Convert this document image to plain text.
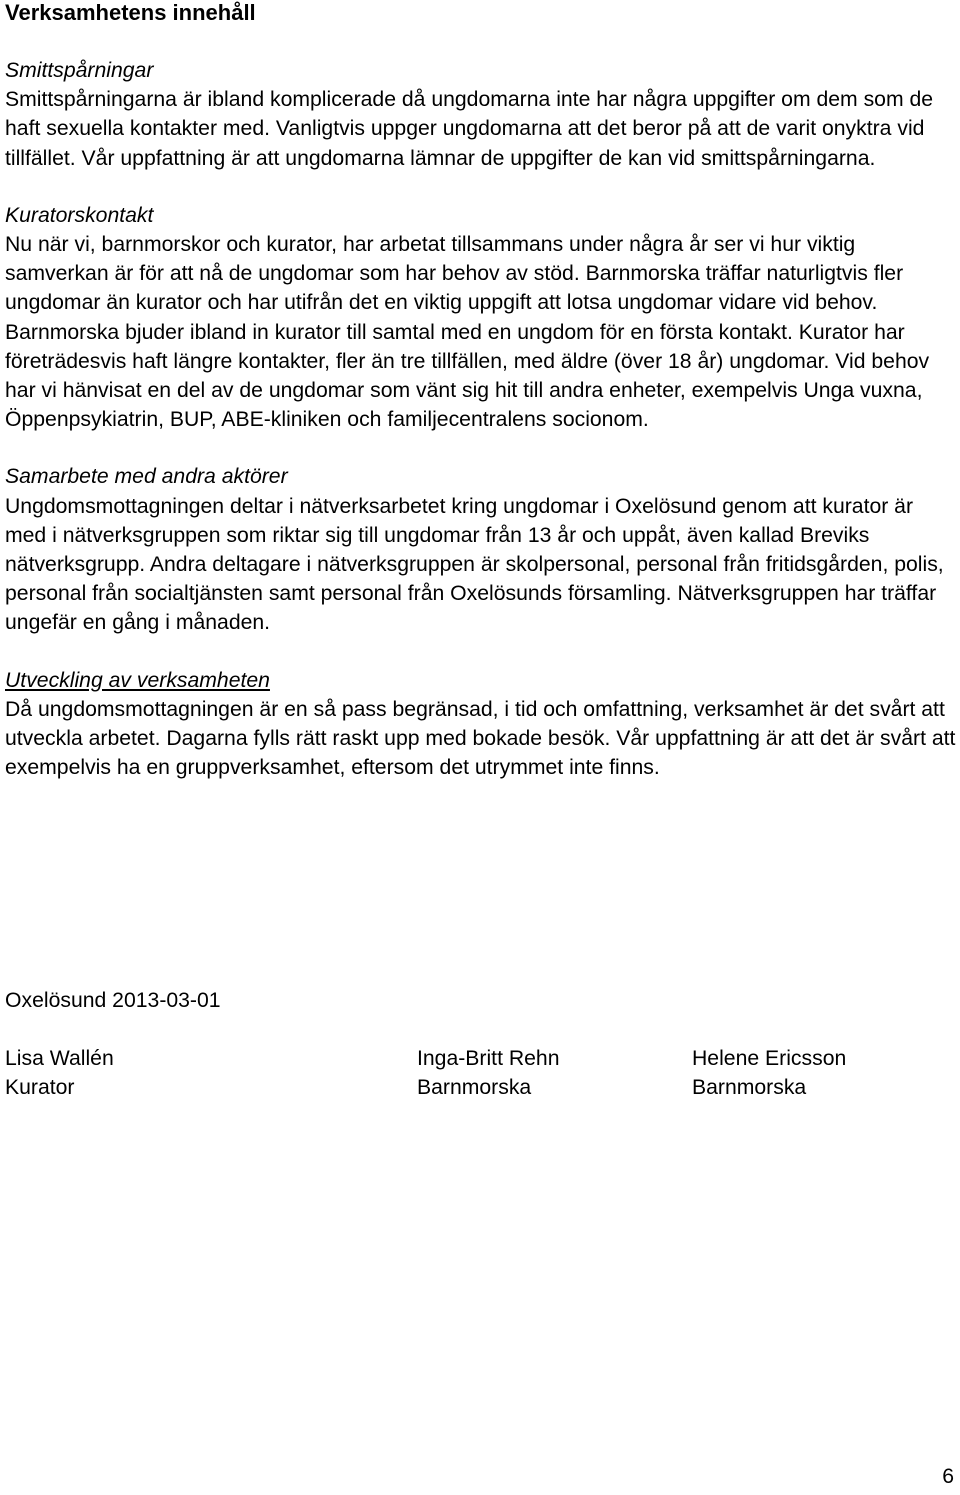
Verksamhetens innehåll

Smittspårningar

Smittspårningarna är ibland komplicerade då ungdomarna inte har några uppgifter om dem som de haft sexuella kontakter med. Vanligtvis uppger ungdomarna att det beror på att de varit onyktra vid tillfället. Vår uppfattning är att ungdomarna lämnar de uppgifter de kan vid smittspårningarna.

Kuratorskontakt

Nu när vi, barnmorskor och kurator, har arbetat tillsammans under några år ser vi hur viktig samverkan är för att nå de ungdomar som har behov av stöd. Barnmorska träffar naturligtvis fler ungdomar än kurator och har utifrån det en viktig uppgift att lotsa ungdomar vidare vid behov. Barnmorska bjuder ibland in kurator till samtal med en ungdom för en första kontakt. Kurator har företrädesvis haft längre kontakter, fler än tre tillfällen, med äldre (över 18 år) ungdomar. Vid behov har vi hänvisat en del av de ungdomar som vänt sig hit till andra enheter, exempelvis Unga vuxna, Öppenpsykiatrin, BUP, ABE-kliniken och familjecentralens socionom.

Samarbete med andra aktörer

Ungdomsmottagningen deltar i nätverksarbetet kring ungdomar i Oxelösund genom att kurator är med i nätverksgruppen som riktar sig till ungdomar från 13 år och uppåt, även kallad Breviks nätverksgrupp. Andra deltagare i nätverksgruppen är skolpersonal, personal från fritidsgården, polis, personal från socialtjänsten samt personal från Oxelösunds församling. Nätverksgruppen har träffar ungefär en gång i månaden.

Utveckling av verksamheten

Då ungdomsmottagningen är en så pass begränsad, i tid och omfattning, verksamhet är det svårt att utveckla arbetet. Dagarna fylls rätt raskt upp med bokade besök. Vår uppfattning är att det är svårt att exempelvis ha en gruppverksamhet, eftersom det utrymmet inte finns.

Oxelösund 2013-03-01

Lisa Wallén
Kurator
Inga-Britt Rehn
Barnmorska
Helene Ericsson
Barnmorska
6
